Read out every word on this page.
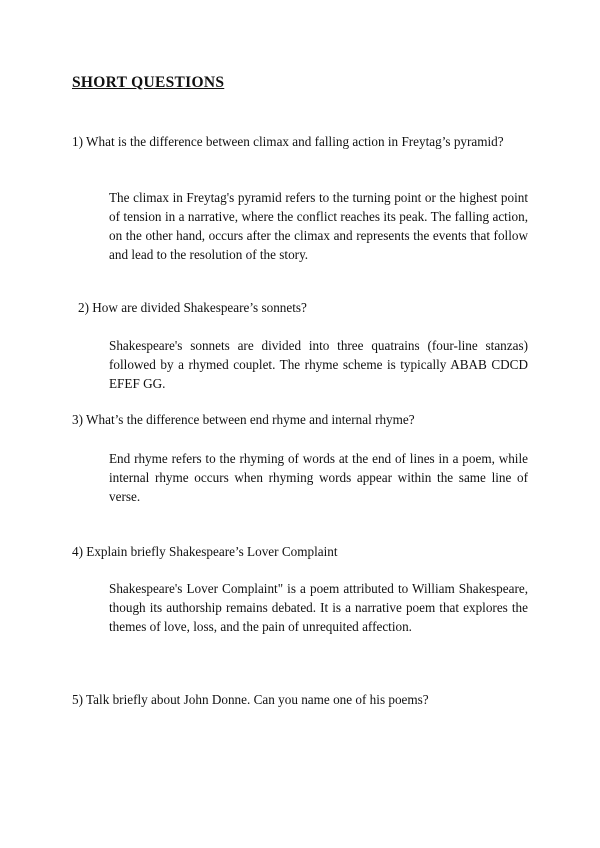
SHORT QUESTIONS

1) What is the difference between climax and falling action in Freytag’s pyramid?

The climax in Freytag's pyramid refers to the turning point or the highest point of tension in a narrative, where the conflict reaches its peak. The falling action, on the other hand, occurs after the climax and represents the events that follow and lead to the resolution of the story.

2) How are divided Shakespeare’s sonnets?

Shakespeare's sonnets are divided into three quatrains (four-line stanzas) followed by a rhymed couplet. The rhyme scheme is typically ABAB CDCD EFEF GG.

3) What’s the difference between end rhyme and internal rhyme?

End rhyme refers to the rhyming of words at the end of lines in a poem, while internal rhyme occurs when rhyming words appear within the same line of verse.

4) Explain briefly Shakespeare’s Lover Complaint

Shakespeare's Lover Complaint" is a poem attributed to William Shakespeare, though its authorship remains debated. It is a narrative poem that explores the themes of love, loss, and the pain of unrequited affection.

5) Talk briefly about John Donne. Can you name one of his poems?
